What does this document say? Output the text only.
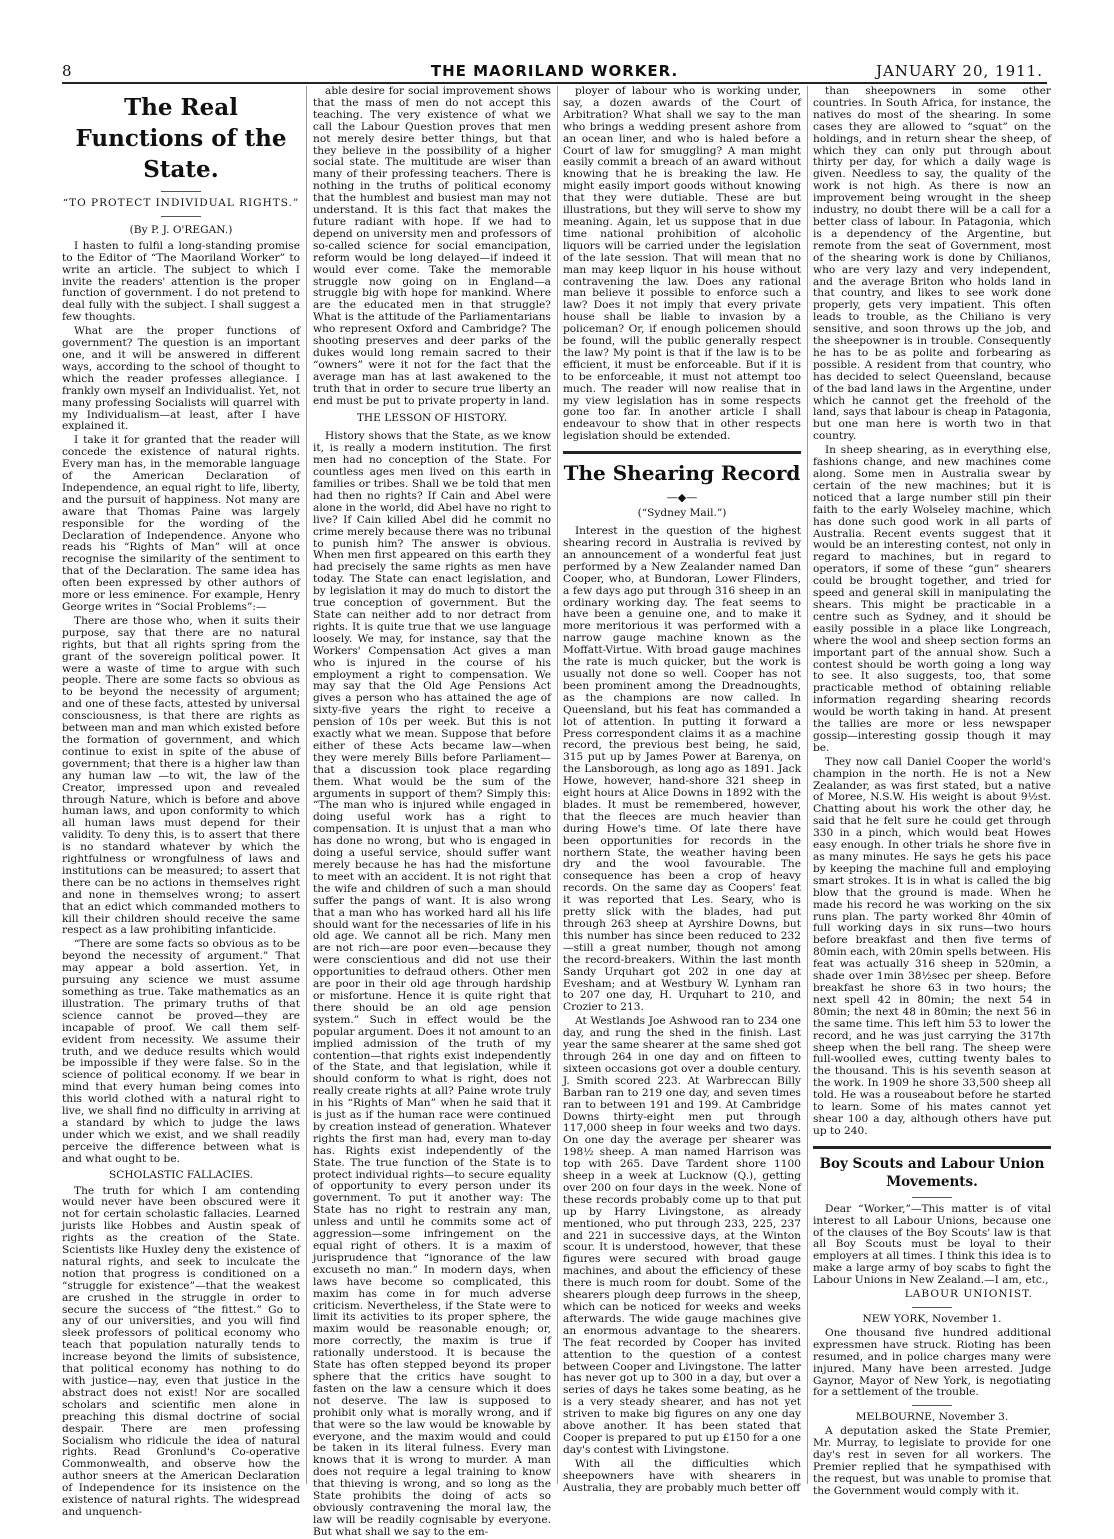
8	THE MAORILAND WORKER.	JANUARY 20, 1911.
The Real Functions of the State.

“TO PROTECT INDIVIDUAL RIGHTS.”

(By P. J. O'REGAN.)

I hasten to fulfil a long-standing promise to the Editor of “The Maoriland Worker” to write an article. The subject to which I invite the readers' attention is the proper function of government. I do not pretend to deal fully with the subject. I shall suggest a few thoughts.

What are the proper functions of government? The question is an important one, and it will be answered in different ways, according to the school of thought to which the reader professes allegiance. I frankly own myself an Individualist. Yet, not many professing Socialists will quarrel with my Individualism—at least, after I have explained it.

I take it for granted that the reader will concede the existence of natural rights. Every man has, in the memorable language of the American Declaration of Independence, an equal right to life, liberty, and the pursuit of happiness. Not many are aware that Thomas Paine was largely responsible for the wording of the Declaration of Independence. Anyone who reads his “Rights of Man” will at once recognise the similarity of the sentiment to that of the Declaration. The same idea has often been expressed by other authors of more or less eminence. For example, Henry George writes in “Social Problems”:—

There are those who, when it suits their purpose, say that there are no natural rights, but that all rights spring from the grant of the sovereign political power. It were a waste of time to argue with such people. There are some facts so obvious as to be beyond the necessity of argument; and one of these facts, attested by universal consciousness, is that there are rights as between man and man which existed before the formation of government, and which continue to exist in spite of the abuse of government; that there is a higher law than any human law —to wit, the law of the Creator, impressed upon and revealed through Nature, which is before and above human laws, and upon conformity to which all human laws must depend for their validity. To deny this, is to assert that there is no standard whatever by which the rightfulness or wrongfulness of laws and institutions can be measured; to assert that there can be no actions in themselves right and none in themselves wrong; to assert that an edict which commanded mothers to kill their children should receive the same respect as a law prohibiting infanticide.

“There are some facts so obvious as to be beyond the necessity of argument.” That may appear a bold assertion. Yet, in pursuing any science we must assume something as true. Take mathematics as an illustration. The primary truths of that science cannot be proved—they are incapable of proof. We call them self-evident from necessity. We assume their truth, and we deduce results which would be impossible if they were false. So in the science of political economy. If we bear in mind that every human being comes into this world clothed with a natural right to live, we shall find no difficulty in arriving at a standard by which to judge the laws under which we exist, and we shall readily perceive the difference between what is and what ought to be.

SCHOLASTIC FALLACIES.

The truth for which I am contending would never have been obscured were it not for certain scholastic fallacies. Learned jurists like Hobbes and Austin speak of rights as the creation of the State. Scientists like Huxley deny the existence of natural rights, and seek to inculcate the notion that progress is conditioned on a “struggle for existence”—that the weakest are crushed in the struggle in order to secure the success of “the fittest.” Go to any of our universities, and you will find sleek professors of political economy who teach that population naturally tends to increase beyond the limits of subsistence, that political economy has nothing to do with justice—nay, even that justice in the abstract does not exist! Nor are socalled scholars and scientific men alone in preaching this dismal doctrine of social despair. There are men professing Socialism who ridicule the idea of natural rights. Read Gronlund's Co-operative Commonwealth, and observe how the author sneers at the American Declaration of Independence for its insistence on the existence of natural rights. The widespread and unquench-

able desire for social improvement shows that the mass of men do not accept this teaching. The very existence of what we call the Labour Question proves that men not merely desire better things, but that they believe in the possibility of a higher social state. The multitude are wiser than many of their professing teachers. There is nothing in the truths of political economy that the humblest and busiest man may not understand. It is this fact that makes the future radiant with hope. If we had to depend on university men and professors of so-called science for social emancipation, reform would be long delayed—if indeed it would ever come. Take the memorable struggle now going on in England—a struggle big with hope for mankind. Where are the educated men in that struggle? What is the attitude of the Parliamentarians who represent Oxford and Cambridge? The shooting preserves and deer parks of the dukes would long remain sacred to their “owners” were it not for the fact that the average man has at last awakened to the truth that in order to secure true liberty an end must be put to private property in land.

THE LESSON OF HISTORY.

History shows that the State, as we know it, is really a modern institution. The first men had no conception of the State. For countless ages men lived on this earth in families or tribes. Shall we be told that men had then no rights? If Cain and Abel were alone in the world, did Abel have no right to live? If Cain killed Abel did he commit no crime merely because there was no tribunal to punish him? The answer is obvious. When men first appeared on this earth they had precisely the same rights as men have today. The State can enact legislation, and by legislation it may do much to distort the true conception of government. But the State can neither add to nor detract from rights. It is quite true that we use language loosely. We may, for instance, say that the Workers' Compensation Act gives a man who is injured in the course of his employment a right to compensation. We may say that the Old Age Pensions Act gives a person who has attained the age of sixty-five years the right to receive a pension of 10s per week. But this is not exactly what we mean. Suppose that before either of these Acts became law—when they were merely Bills before Parliament—that a discussion took place regarding them. What would be the sum of the arguments in support of them? Simply this: “The man who is injured while engaged in doing useful work has a right to compensation. It is unjust that a man who has done no wrong, but who is engaged in doing a useful service, should suffer want merely because he has had the misfortune to meet with an accident. It is not right that the wife and children of such a man should suffer the pangs of want. It is also wrong that a man who has worked hard all his life should want for the necessaries of life in his old age. We cannot all be rich. Many men are not rich—are poor even—because they were conscientious and did not use their opportunities to defraud others. Other men are poor in their old age through hardship or misfortune. Hence it is quite right that there should be an old age pension system.” Such in effect would be the popular argument. Does it not amount to an implied admission of the truth of my contention—that rights exist independently of the State, and that legislation, while it should conform to what is right, does not really create rights at all? Paine wrote truly in his “Rights of Man” when he said that it is just as if the human race were continued by creation instead of generation. Whatever rights the first man had, every man to-day has. Rights exist independently of the State. The true function of the State is to protect individual rights—to secure equality of opportunity to every person under its government. To put it another way: The State has no right to restrain any man, unless and until he commits some act of aggression—some infringement on the equal right of others. It is a maxim of jurisprudence that “ignorance of the law excuseth no man.” In modern days, when laws have become so complicated, this maxim has come in for much adverse criticism. Nevertheless, if the State were to limit its activities to its proper sphere, the maxim would be reasonable enough; or, more correctly, the maxim is true if rationally understood. It is because the State has often stepped beyond its proper sphere that the critics have sought to fasten on the law a censure which it does not deserve. The law is supposed to prohibit only what is morally wrong, and if that were so the law would be knowable by everyone, and the maxim would and could be taken in its literal fulness. Every man knows that it is wrong to murder. A man does not require a legal training to know that thieving is wrong, and so long as the State prohibits the doing of acts so obviously contravening the moral law, the law will be readily cognisable by everyone. But what shall we say to the em-

ployer of labour who is working under, say, a dozen awards of the Court of Arbitration? What shall we say to the man who brings a wedding present ashore from an ocean liner, and who is haled before a Court of law for smuggling? A man might easily commit a breach of an award without knowing that he is breaking the law. He might easily import goods without knowing that they were dutiable. These are but illustrations, but they will serve to show my meaning. Again, let us suppose that in due time national prohibition of alcoholic liquors will be carried under the legislation of the late session. That will mean that no man may keep liquor in his house without contravening the law. Does any rational man believe it possible to enforce such a law? Does it not imply that every private house shall be liable to invasion by a policeman? Or, if enough policemen should be found, will the public generally respect the law? My point is that if the law is to be efficient, it must be enforceable. But if it is to be enforceable, it must not attempt too much. The reader will now realise that in my view legislation has in some respects gone too far. In another article I shall endeavour to show that in other respects legislation should be extended.

The Shearing Record
—◆—

(“Sydney Mail.”)

Interest in the question of the highest shearing record in Australia is revived by an announcement of a wonderful feat just performed by a New Zealander named Dan Cooper, who, at Bundoran, Lower Flinders, a few days ago put through 316 sheep in an ordinary working day. The feat seems to have been a genuine one, and to make it more meritorious it was performed with a narrow gauge machine known as the Moffatt-Virtue. With broad gauge machines the rate is much quicker, but the work is usually not done so well. Cooper has not been prominent among the Dreadnoughts, as the champions are now called. In Queensland, but his feat has commanded a lot of attention. In putting it forward a Press correspondent claims it as a machine record, the previous best being, he said, 315 put up by James Power at Barenya, on the Lansborough, as long ago as 1891. Jack Howe, however, hand-shore 321 sheep in eight hours at Alice Downs in 1892 with the blades. It must be remembered, however, that the fleeces are much heavier than during Howe's time. Of late there have been opportunities for records in the northern State, the weather having been dry and the wool favourable. The consequence has been a crop of heavy records. On the same day as Coopers' feat it was reported that Les. Seary, who is pretty slick with the blades, had put through 263 sheep at Ayrshire Downs, but this number has since been reduced to 232—still a great number, though not among the record-breakers. Within the last month Sandy Urquhart got 202 in one day at Evesham; and at Westbury W. Lynham ran to 207 one day, H. Urquhart to 210, and Crozier to 213.

At Westlands Joe Ashwood ran to 234 one day, and rung the shed in the finish. Last year the same shearer at the same shed got through 264 in one day and on fifteen to sixteen occasions got over a double century. J. Smith scored 223. At Warbreccan Billy Barban ran to 219 one day, and seven times ran to between 191 and 199. At Cambridge Downs thirty-eight men put through 117,000 sheep in four weeks and two days. On one day the average per shearer was 198½ sheep. A man named Harrison was top with 265. Dave Tardent shore 1100 sheep in a week at Lucknow (Q.), getting over 200 on four days in the week. None of these records probably come up to that put up by Harry Livingstone, as already mentioned, who put through 233, 225, 237 and 221 in successive days, at the Winton scour. It is understood, however, that these figures were secured with broad gauge machines, and about the efficiency of these there is much room for doubt. Some of the shearers plough deep furrows in the sheep, which can be noticed for weeks and weeks afterwards. The wide gauge machines give an enormous advantage to the shearers. The feat recorded by Cooper has invited attention to the question of a contest between Cooper and Livingstone. The latter has never got up to 300 in a day, but over a series of days he takes some beating, as he is a very steady shearer, and has not yet striven to make big figures on any one day above another. It has been stated that Cooper is prepared to put up £150 for a one day's contest with Livingstone.

With all the difficulties which sheepowners have with shearers in Australia, they are probably much better off

than sheepowners in some other countries. In South Africa, for instance, the natives do most of the shearing. In some cases they are allowed to “squat” on the holdings, and in return shear the sheep, of which they can only put through about thirty per day, for which a daily wage is given. Needless to say, the quality of the work is not high. As there is now an improvement being wrought in the sheep industry, no doubt there will be a call for a better class of labour. In Patagonia, which is a dependency of the Argentine, but remote from the seat of Government, most of the shearing work is done by Chilianos, who are very lazy and very independent, and the average Briton who holds land in that country, and likes to see work done properly, gets very impatient. This often leads to trouble, as the Chiliano is very sensitive, and soon throws up the job, and the sheepowner is in trouble. Consequently he has to be as polite and forbearing as possible. A resident from that country, who has decided to select Queensland, because of the bad land laws in the Argentine, under which he cannot get the freehold of the land, says that labour is cheap in Patagonia, but one man here is worth two in that country.

In sheep shearing, as in everything else, fashions change, and new machines come along. Some men in Australia swear by certain of the new machines; but it is noticed that a large number still pin their faith to the early Wolseley machine, which has done such good work in all parts of Australia. Recent events suggest that it would be an interesting contest, not only in regard to machines, but in regard to operators, if some of these “gun” shearers could be brought together, and tried for speed and general skill in manipulating the shears. This might be practicable in a centre such as Sydney, and it should be easily possible in a place like Longreach, where the wool and sheep section forms an important part of the annual show. Such a contest should be worth going a long way to see. It also suggests, too, that some practicable method of obtaining reliable information regarding shearing records would be worth taking in hand. At present the tallies are more or less newspaper gossip—interesting gossip though it may be.

They now call Daniel Cooper the world's champion in the north. He is not a New Zealander, as was first stated, but a native of Moree, N.S.W. His weight is about 9½st. Chatting about his work the other day, he said that he felt sure he could get through 330 in a pinch, which would beat Howes easy enough. In other trials he shore five in as many minutes. He says he gets his pace by keeping the machine full and employing smart strokes. It is in what is called the big blow that the ground is made. When he made his record he was working on the six runs plan. The party worked 8hr 40min of full working days in six runs—two hours before breakfast and then five terms of 80min each, with 20min spells between. His feat was actually 316 sheep in 520min, a shade over 1min 38½sec per sheep. Before breakfast he shore 63 in two hours; the next spell 42 in 80min; the next 54 in 80min; the next 48 in 80min; the next 56 in the same time. This left him 53 to lower the record, and he was just carrying the 317th sheep when the bell rang. The sheep were full-woolled ewes, cutting twenty bales to the thousand. This is his seventh season at the work. In 1909 he shore 33,500 sheep all told. He was a rouseabout before he started to learn. Some of his mates cannot yet shear 100 a day, although others have put up to 240.

Boy Scouts and Labour Union Movements.

Dear “Worker,”—This matter is of vital interest to all Labour Unions, because one of the clauses of the Boy Scouts' law is that all Boy Scouts must be loyal to their employers at all times. I think this idea is to make a large army of boy scabs to fight the Labour Unions in New Zealand.—I am, etc.,

LABOUR UNIONIST.

NEW YORK, November 1.

One thousand five hundred additional expressmen have struck. Rioting has been resumed, and in police charges many were injured. Many have been arrested. Judge Gaynor, Mayor of New York, is negotiating for a settlement of the trouble.

MELBOURNE, November 3.

A deputation asked the State Premier, Mr. Murray, to legislate to provide for one day's rest in seven for all workers. The Premier replied that he sympathised with the request, but was unable to promise that the Government would comply with it.
